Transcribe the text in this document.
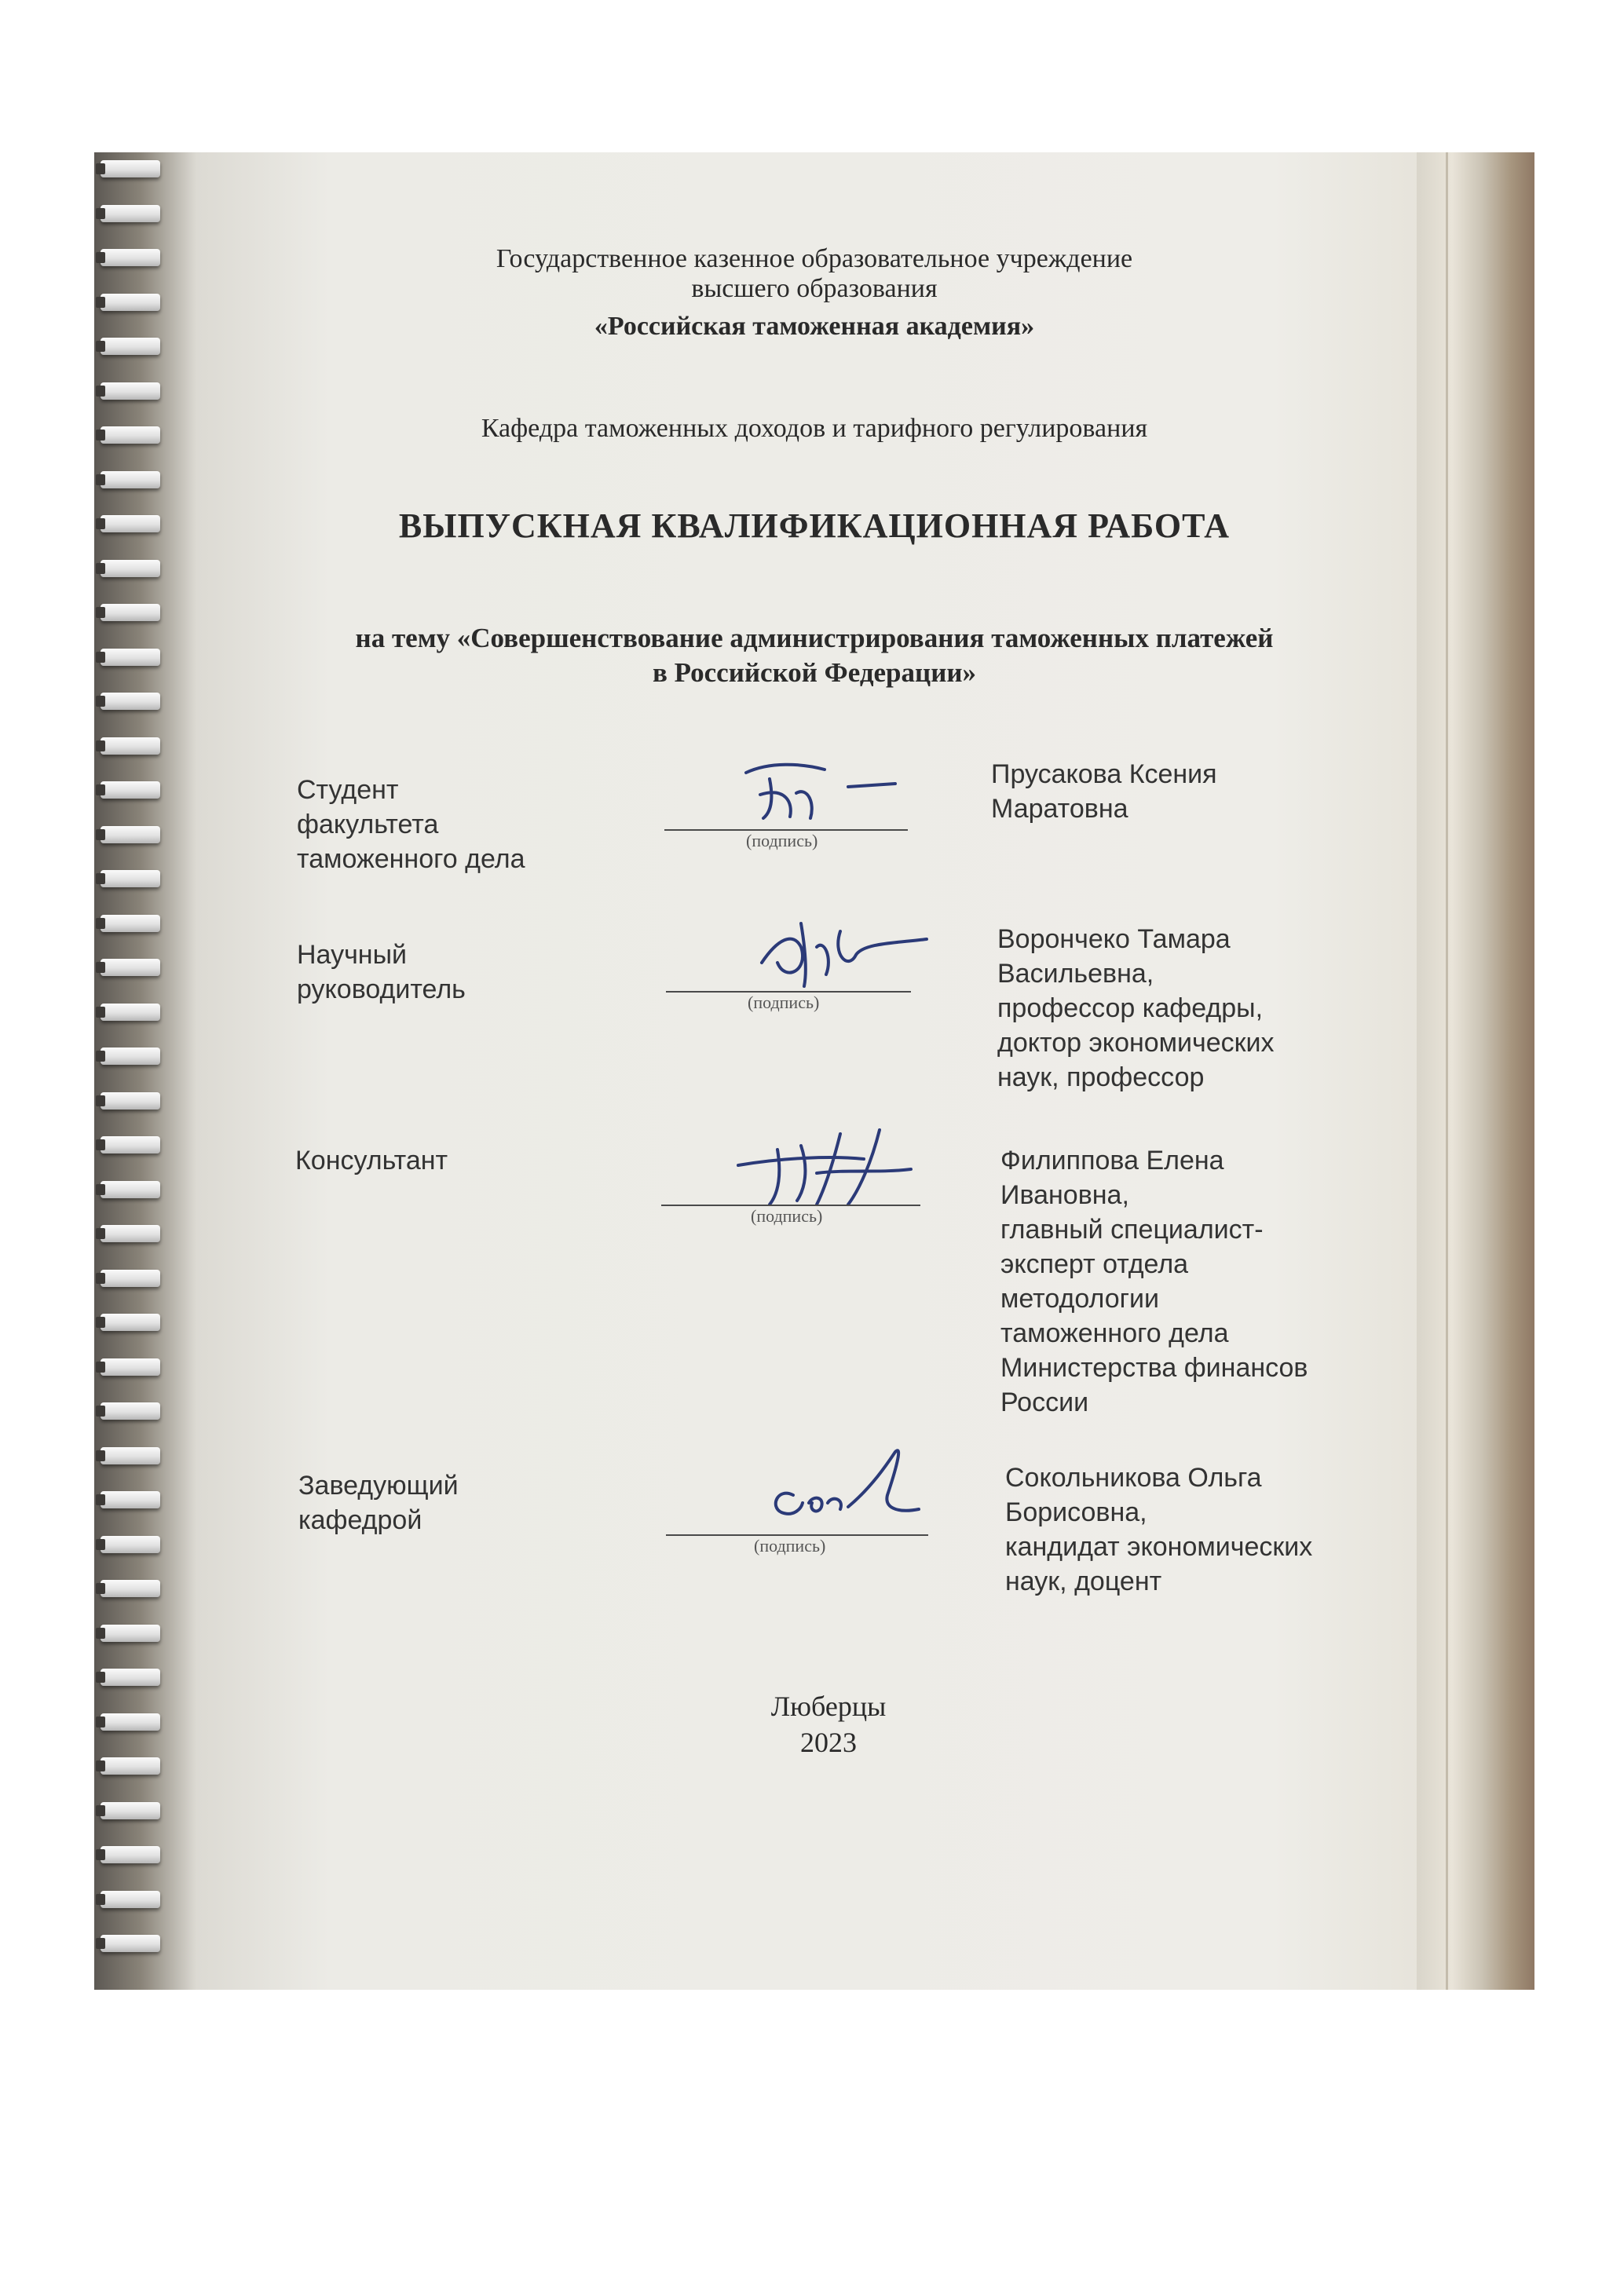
Государственное казенное образовательное учреждение
высшего образования
«Российская таможенная академия»
Кафедра таможенных доходов и тарифного регулирования
ВЫПУСКНАЯ КВАЛИФИКАЦИОННАЯ РАБОТА
на тему «Совершенствование администрирования таможенных платежей
в Российской Федерации»
Студент
факультета
таможенного дела
(подпись)
Прусакова Ксения
Маратовна
Научный
руководитель	(подпись)
Ворончеко Тамара
Васильевна,
профессор кафедры,
доктор экономических
наук, профессор
Консультант
(подпись)
Филиппова Елена
Ивановна,
главный специалист-
эксперт отдела
методологии
таможенного дела
Министерства финансов
России
Заведующий
кафедрой
(подпись)
Сокольникова Ольга
Борисовна,
кандидат экономических
наук, доцент
Люберцы
2023
